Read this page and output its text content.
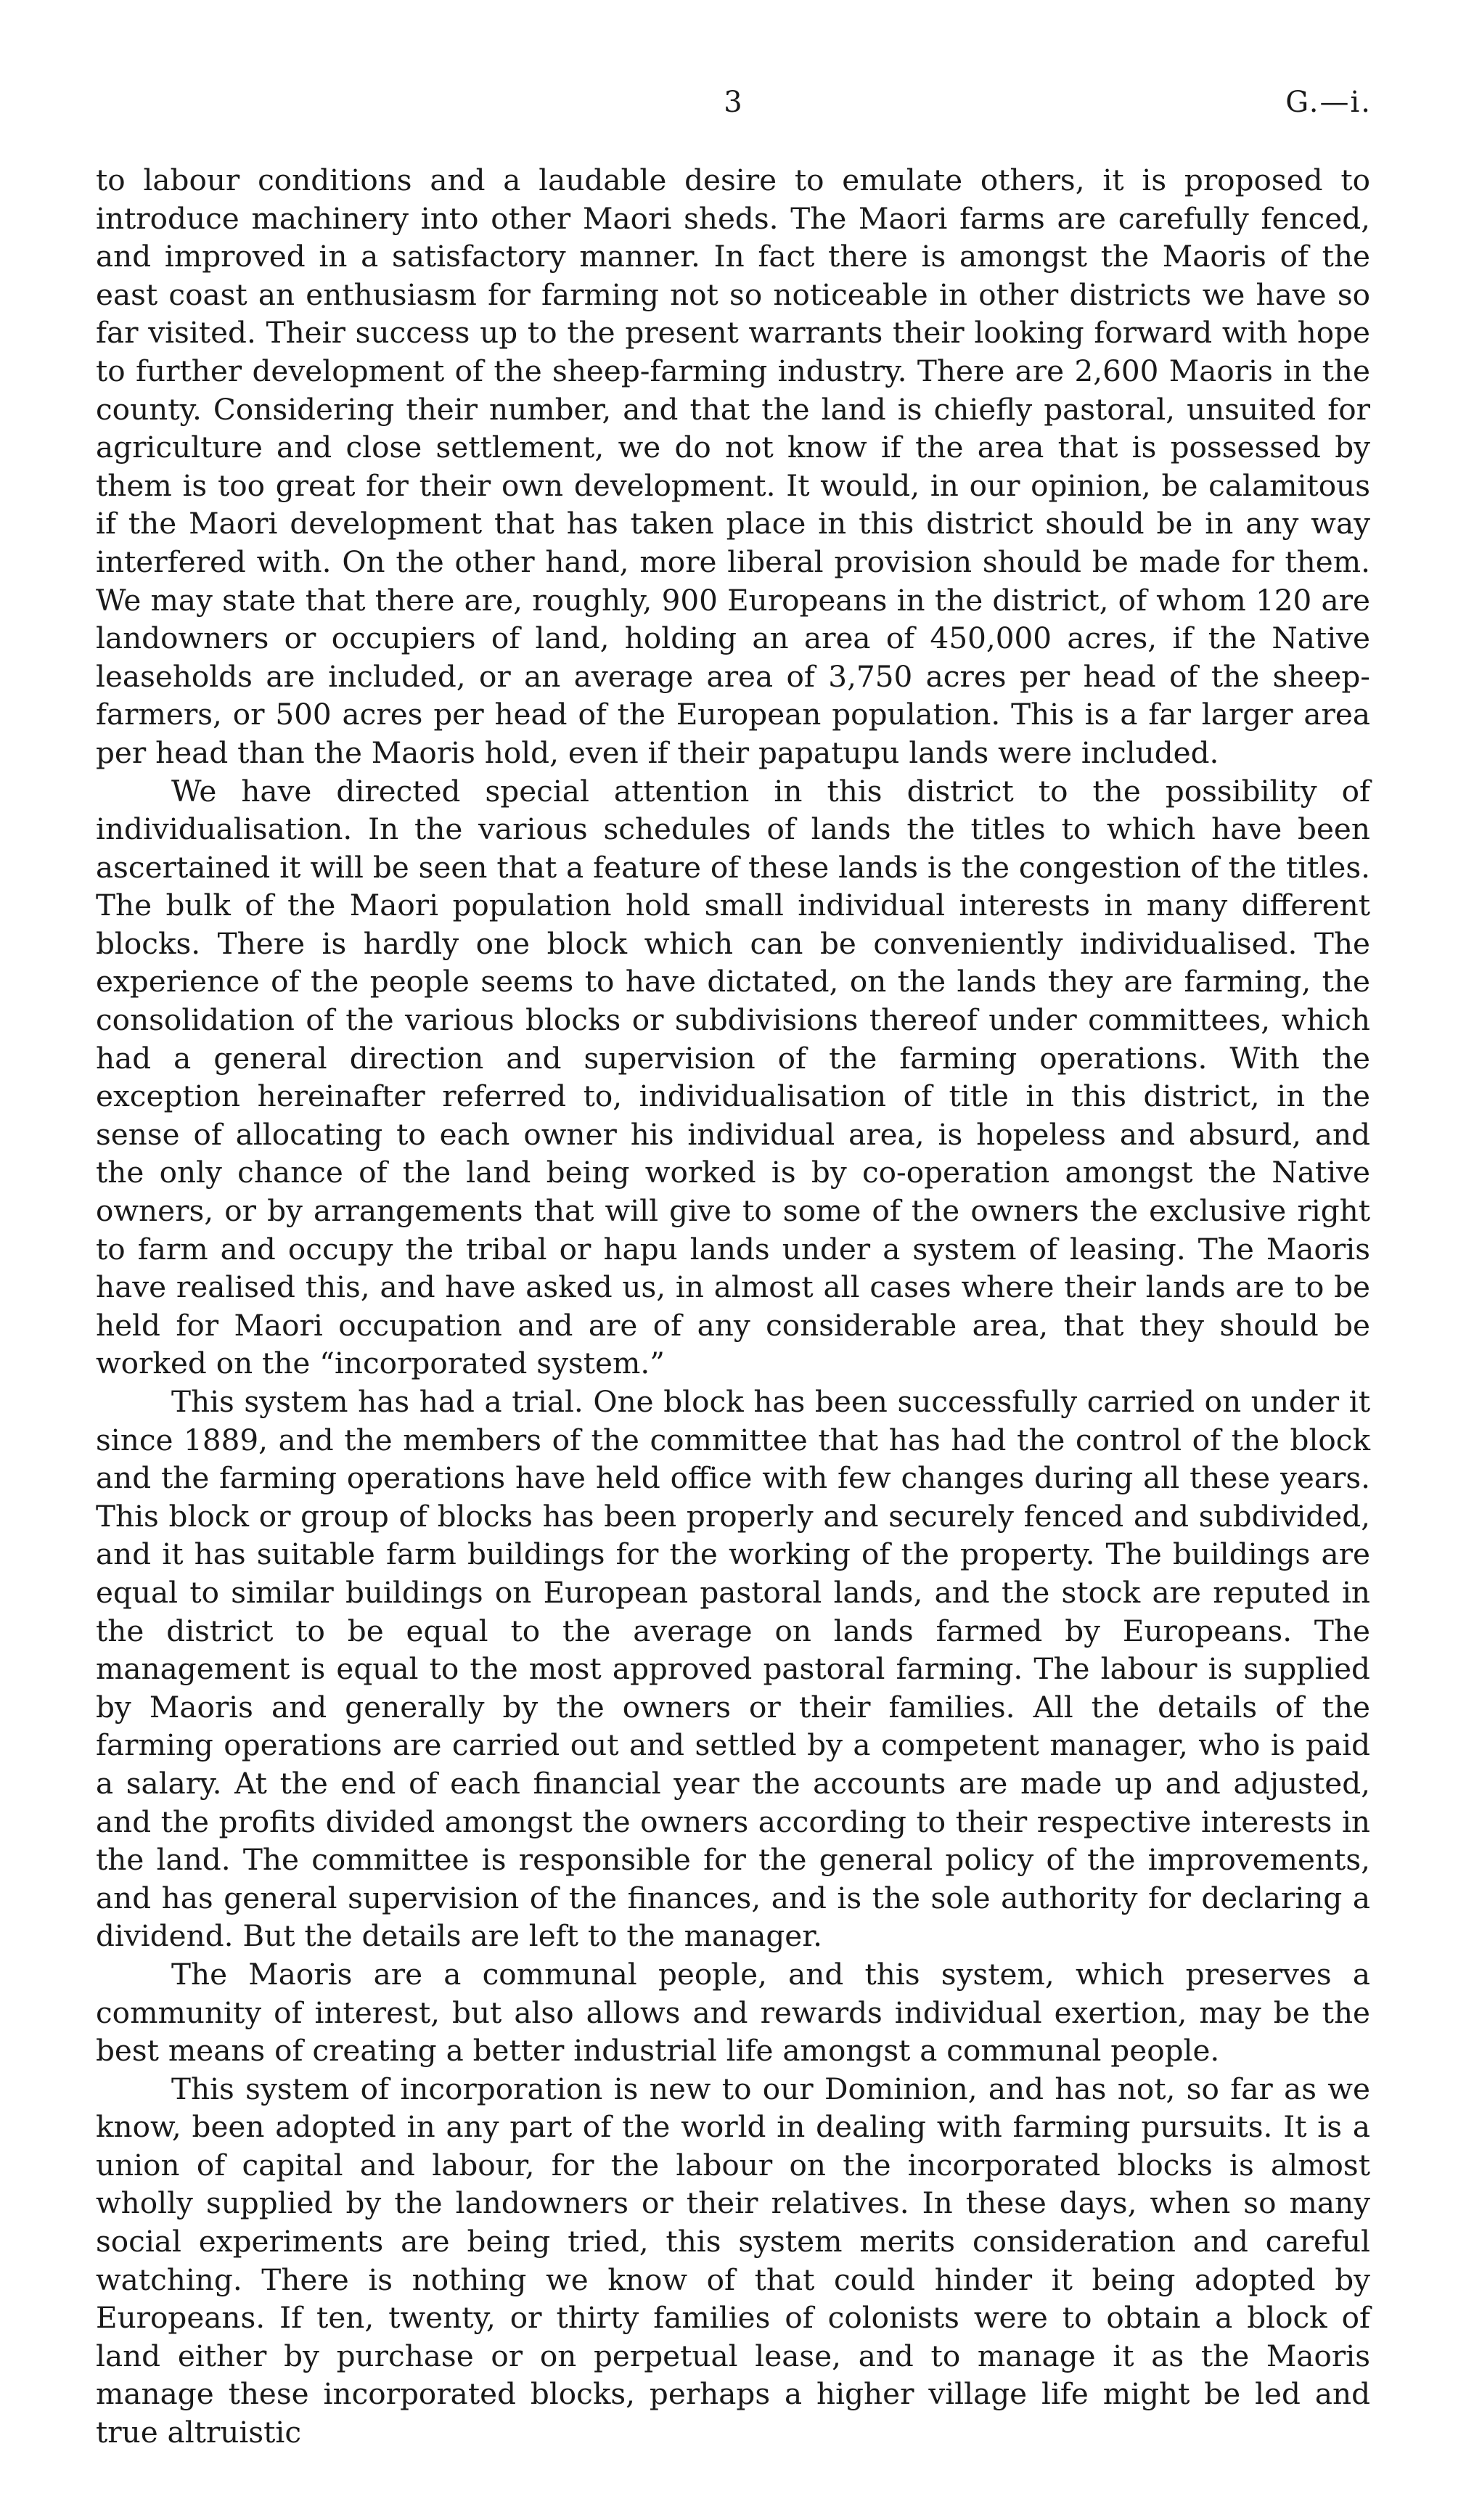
3	G.—i.

to labour conditions and a laudable desire to emulate others, it is proposed to introduce machinery into other Maori sheds. The Maori farms are carefully fenced, and improved in a satisfactory manner. In fact there is amongst the Maoris of the east coast an enthusiasm for farming not so noticeable in other districts we have so far visited. Their success up to the present warrants their looking forward with hope to further development of the sheep-farming industry. There are 2,600 Maoris in the county. Considering their number, and that the land is chiefly pastoral, unsuited for agriculture and close settlement, we do not know if the area that is possessed by them is too great for their own development. It would, in our opinion, be calamitous if the Maori development that has taken place in this district should be in any way interfered with. On the other hand, more liberal provision should be made for them. We may state that there are, roughly, 900 Europeans in the district, of whom 120 are landowners or occupiers of land, holding an area of 450,000 acres, if the Native leaseholds are included, or an average area of 3,750 acres per head of the sheep-farmers, or 500 acres per head of the European population. This is a far larger area per head than the Maoris hold, even if their papatupu lands were included.

We have directed special attention in this district to the possibility of individualisation. In the various schedules of lands the titles to which have been ascertained it will be seen that a feature of these lands is the congestion of the titles. The bulk of the Maori population hold small individual interests in many different blocks. There is hardly one block which can be conveniently individualised. The experience of the people seems to have dictated, on the lands they are farming, the consolidation of the various blocks or subdivisions thereof under committees, which had a general direction and supervision of the farming operations. With the exception hereinafter referred to, individualisation of title in this district, in the sense of allocating to each owner his individual area, is hopeless and absurd, and the only chance of the land being worked is by co-operation amongst the Native owners, or by arrangements that will give to some of the owners the exclusive right to farm and occupy the tribal or hapu lands under a system of leasing. The Maoris have realised this, and have asked us, in almost all cases where their lands are to be held for Maori occupation and are of any considerable area, that they should be worked on the “incorporated system.”

This system has had a trial. One block has been successfully carried on under it since 1889, and the members of the committee that has had the control of the block and the farming operations have held office with few changes during all these years. This block or group of blocks has been properly and securely fenced and subdivided, and it has suitable farm buildings for the working of the property. The buildings are equal to similar buildings on European pastoral lands, and the stock are reputed in the district to be equal to the average on lands farmed by Europeans. The management is equal to the most approved pastoral farming. The labour is supplied by Maoris and generally by the owners or their families. All the details of the farming operations are carried out and settled by a competent manager, who is paid a salary. At the end of each financial year the accounts are made up and adjusted, and the profits divided amongst the owners according to their respective interests in the land. The committee is responsible for the general policy of the improvements, and has general supervision of the finances, and is the sole authority for declaring a dividend. But the details are left to the manager.

The Maoris are a communal people, and this system, which preserves a community of interest, but also allows and rewards individual exertion, may be the best means of creating a better industrial life amongst a communal people.

This system of incorporation is new to our Dominion, and has not, so far as we know, been adopted in any part of the world in dealing with farming pursuits. It is a union of capital and labour, for the labour on the incorporated blocks is almost wholly supplied by the landowners or their relatives. In these days, when so many social experiments are being tried, this system merits consideration and careful watching. There is nothing we know of that could hinder it being adopted by Europeans. If ten, twenty, or thirty families of colonists were to obtain a block of land either by purchase or on perpetual lease, and to manage it as the Maoris manage these incorporated blocks, perhaps a higher village life might be led and true altruistic
